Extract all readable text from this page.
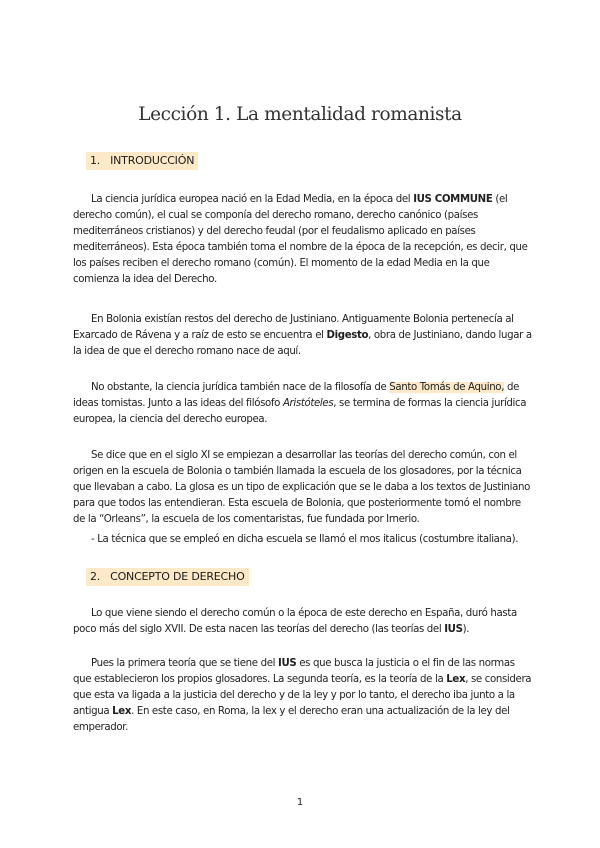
Lección 1. La mentalidad romanista
1. INTRODUCCIÓN

La ciencia jurídica europea nació en la Edad Media, en la época del IUS COMMUNE (el derecho común), el cual se componía del derecho romano, derecho canónico (países mediterráneos cristianos) y del derecho feudal (por el feudalismo aplicado en países mediterráneos). Esta época también toma el nombre de la época de la recepción, es decir, que los países reciben el derecho romano (común). El momento de la edad Media en la que comienza la idea del Derecho.

En Bolonia existían restos del derecho de Justiniano. Antiguamente Bolonia pertenecía al Exarcado de Rávena y a raíz de esto se encuentra el Digesto, obra de Justiniano, dando lugar a la idea de que el derecho romano nace de aquí.

No obstante, la ciencia jurídica también nace de la filosofía de Santo Tomás de Aquino, de ideas tomistas. Junto a las ideas del filósofo Aristóteles, se termina de formas la ciencia jurídica europea, la ciencia del derecho europea.

Se dice que en el siglo XI se empiezan a desarrollar las teorías del derecho común, con el origen en la escuela de Bolonia o también llamada la escuela de los glosadores, por la técnica que llevaban a cabo. La glosa es un tipo de explicación que se le daba a los textos de Justiniano para que todos las entendieran. Esta escuela de Bolonia, que posteriormente tomó el nombre de la “Orleans”, la escuela de los comentaristas, fue fundada por Irnerio.

- La técnica que se empleó en dicha escuela se llamó el mos italicus (costumbre italiana).

2. CONCEPTO DE DERECHO

Lo que viene siendo el derecho común o la época de este derecho en España, duró hasta poco más del siglo XVII. De esta nacen las teorías del derecho (las teorías del IUS).

Pues la primera teoría que se tiene del IUS es que busca la justicia o el fin de las normas que establecieron los propios glosadores. La segunda teoría, es la teoría de la Lex, se considera que esta va ligada a la justicia del derecho y de la ley y por lo tanto, el derecho iba junto a la antigua Lex. En este caso, en Roma, la lex y el derecho eran una actualización de la ley del emperador.

1
